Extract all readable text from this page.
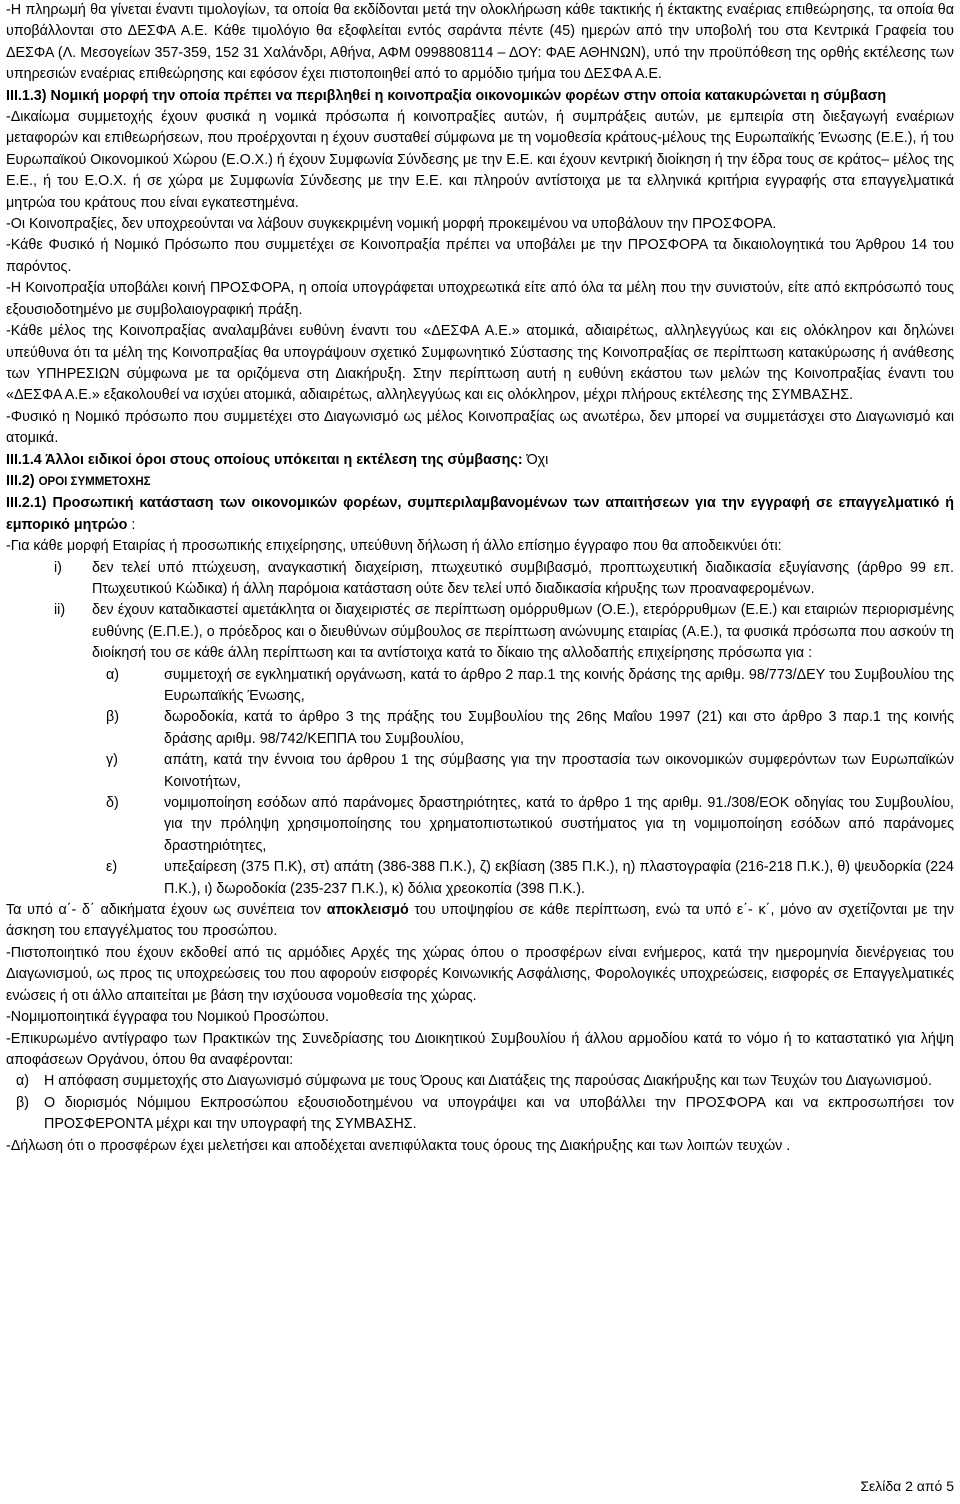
-Η πληρωμή θα γίνεται έναντι τιμολογίων, τα οποία θα εκδίδονται μετά την ολοκλήρωση κάθε τακτικής ή έκτακτης εναέριας επιθεώρησης, τα οποία θα υποβάλλονται στο ΔΕΣΦΑ Α.Ε. Κάθε τιμολόγιο θα εξοφλείται εντός σαράντα πέντε (45) ημερών από την υποβολή του στα Κεντρικά Γραφεία του ΔΕΣΦΑ (Λ. Μεσογείων 357-359, 152 31 Χαλάνδρι, Αθήνα, ΑΦΜ 0998808114 – ΔΟΥ: ΦΑΕ ΑΘΗΝΩΝ), υπό την προϋπόθεση της ορθής εκτέλεσης των υπηρεσιών εναέριας επιθεώρησης και εφόσον έχει πιστοποιηθεί από το αρμόδιο τμήμα του ΔΕΣΦΑ Α.Ε.

ΙΙΙ.1.3) Νομική μορφή την οποία πρέπει να περιβληθεί η κοινοπραξία οικονομικών φορέων στην οποία κατακυρώνεται η σύμβαση

-Δικαίωμα συμμετοχής έχουν φυσικά η νομικά πρόσωπα ή κοινοπραξίες αυτών, ή συμπράξεις αυτών, με εμπειρία στη διεξαγωγή εναέριων μεταφορών και επιθεωρήσεων, που προέρχονται η έχουν συσταθεί σύμφωνα με τη νομοθεσία κράτους-μέλους της Ευρωπαϊκής Ένωσης (Ε.Ε.), ή του Ευρωπαϊκού Οικονομικού Χώρου (Ε.Ο.Χ.) ή έχουν Συμφωνία Σύνδεσης με την Ε.Ε. και έχουν κεντρική διοίκηση ή την έδρα τους σε κράτος– μέλος της Ε.Ε., ή του Ε.Ο.Χ. ή σε χώρα με Συμφωνία Σύνδεσης με την Ε.Ε. και πληρούν αντίστοιχα με τα ελληνικά κριτήρια εγγραφής στα επαγγελματικά μητρώα του κράτους που είναι εγκατεστημένα.

-Οι Κοινοπραξίες, δεν υποχρεούνται να λάβουν συγκεκριμένη νομική μορφή προκειμένου να υποβάλουν την ΠΡΟΣΦΟΡΑ.

-Κάθε Φυσικό ή Νομικό Πρόσωπο που συμμετέχει σε Κοινοπραξία πρέπει να υποβάλει με την ΠΡΟΣΦΟΡΑ τα δικαιολογητικά του Άρθρου 14 του παρόντος.

-Η Κοινοπραξία υποβάλει κοινή ΠΡΟΣΦΟΡΑ, η οποία υπογράφεται υποχρεωτικά είτε από όλα τα μέλη που την συνιστούν, είτε από εκπρόσωπό τους εξουσιοδοτημένο με συμβολαιογραφική πράξη.

-Κάθε μέλος της Κοινοπραξίας αναλαμβάνει ευθύνη έναντι του «ΔΕΣΦΑ Α.Ε.» ατομικά, αδιαιρέτως, αλληλεγγύως και εις ολόκληρον και δηλώνει υπεύθυνα ότι τα μέλη της Κοινοπραξίας θα υπογράψουν σχετικό Συμφωνητικό Σύστασης της Κοινοπραξίας σε περίπτωση κατακύρωσης ή ανάθεσης των ΥΠΗΡΕΣΙΩΝ σύμφωνα με τα οριζόμενα στη Διακήρυξη. Στην περίπτωση αυτή η ευθύνη εκάστου των μελών της Κοινοπραξίας έναντι του «ΔΕΣΦΑ Α.Ε.» εξακολουθεί να ισχύει ατομικά, αδιαιρέτως, αλληλεγγύως και εις ολόκληρον, μέχρι πλήρους εκτέλεσης της ΣΥΜΒΑΣΗΣ.

-Φυσικό η Νομικό πρόσωπο που συμμετέχει στο Διαγωνισμό ως μέλος Κοινοπραξίας ως ανωτέρω, δεν μπορεί να συμμετάσχει στο Διαγωνισμό και ατομικά.

ΙΙΙ.1.4 Άλλοι ειδικοί όροι στους οποίους υπόκειται η εκτέλεση της σύμβασης: Όχι

ΙΙΙ.2) ΟΡΟΙ ΣΥΜΜΕΤΟΧΗΣ

ΙΙΙ.2.1) Προσωπική κατάσταση των οικονομικών φορέων, συμπεριλαμβανομένων των απαιτήσεων για την εγγραφή σε επαγγελματικό ή εμπορικό μητρώο :

-Για κάθε μορφή Εταιρίας ή προσωπικής επιχείρησης, υπεύθυνη δήλωση ή άλλο επίσημο έγγραφο που θα αποδεικνύει ότι:

i)	δεν τελεί υπό πτώχευση, αναγκαστική διαχείριση, πτωχευτικό συμβιβασμό, προπτωχευτική διαδικασία εξυγίανσης (άρθρο 99 επ. Πτωχευτικού Κώδικα) ή άλλη παρόμοια κατάσταση ούτε δεν τελεί υπό διαδικασία κήρυξης των προαναφερομένων.
ii)	δεν έχουν καταδικαστεί αμετάκλητα οι διαχειριστές σε περίπτωση ομόρρυθμων (Ο.Ε.), ετερόρρυθμων (Ε.Ε.) και εταιριών περιορισμένης ευθύνης (Ε.Π.Ε.), ο πρόεδρος και ο διευθύνων σύμβουλος σε περίπτωση ανώνυμης εταιρίας (Α.Ε.), τα φυσικά πρόσωπα που ασκούν τη διοίκησή του σε κάθε άλλη περίπτωση και τα αντίστοιχα κατά το δίκαιο της αλλοδαπής επιχείρησης πρόσωπα για :
α)	συμμετοχή σε εγκληματική οργάνωση, κατά το άρθρο 2 παρ.1 της κοινής δράσης της αριθμ. 98/773/ΔΕΥ του Συμβουλίου της Ευρωπαϊκής Ένωσης,
β)	δωροδοκία, κατά το άρθρο 3 της πράξης του Συμβουλίου της 26ης Μαΐου 1997 (21) και στο άρθρο 3 παρ.1 της κοινής δράσης αριθμ. 98/742/ΚΕΠΠΑ του Συμβουλίου,
γ)	απάτη, κατά την έννοια του άρθρου 1 της σύμβασης για την προστασία των οικονομικών συμφερόντων των Ευρωπαϊκών Κοινοτήτων,
δ)	νομιμοποίηση εσόδων από παράνομες δραστηριότητες, κατά το άρθρο 1 της αριθμ. 91./308/ΕΟΚ οδηγίας του Συμβουλίου, για την πρόληψη χρησιμοποίησης του χρηματοπιστωτικού συστήματος για τη νομιμοποίηση εσόδων από παράνομες δραστηριότητες,
ε)	υπεξαίρεση (375 Π.Κ), στ) απάτη (386-388 Π.Κ.), ζ) εκβίαση (385 Π.Κ.), η) πλαστογραφία (216-218 Π.Κ.), θ) ψευδορκία (224 Π.Κ.), ι) δωροδοκία (235-237 Π.Κ.), κ) δόλια χρεοκοπία (398 Π.Κ.).

Τα υπό α΄- δ΄ αδικήματα έχουν ως συνέπεια τον αποκλεισμό του υποψηφίου σε κάθε περίπτωση, ενώ τα υπό ε΄- κ΄, μόνο αν σχετίζονται με την άσκηση του επαγγέλματος του προσώπου.

-Πιστοποιητικό που έχουν εκδοθεί από τις αρμόδιες Αρχές της χώρας όπου ο προσφέρων είναι ενήμερος, κατά την ημερομηνία διενέργειας του Διαγωνισμού, ως προς τις υποχρεώσεις του που αφορούν εισφορές Κοινωνικής Ασφάλισης, Φορολογικές υποχρεώσεις, εισφορές σε Επαγγελματικές ενώσεις ή οτι άλλο απαιτείται με βάση την ισχύουσα νομοθεσία της χώρας.

-Νομιμοποιητικά έγγραφα του Νομικού Προσώπου.

-Επικυρωμένο αντίγραφο των Πρακτικών της Συνεδρίασης του Διοικητικού Συμβουλίου ή άλλου αρμοδίου κατά το νόμο ή το καταστατικό για λήψη αποφάσεων Οργάνου, όπου θα αναφέρονται:

α)	Η απόφαση συμμετοχής στο Διαγωνισμό σύμφωνα με τους Όρους και Διατάξεις της παρούσας Διακήρυξης και των Τευχών του Διαγωνισμού.
β)	Ο διορισμός Νόμιμου Εκπροσώπου εξουσιοδοτημένου να υπογράψει και να υποβάλλει την ΠΡΟΣΦΟΡΑ και να εκπροσωπήσει τον ΠΡΟΣΦΕΡΟΝΤΑ μέχρι και την υπογραφή της ΣΥΜΒΑΣΗΣ.

-Δήλωση ότι ο προσφέρων έχει μελετήσει και αποδέχεται ανεπιφύλακτα τους όρους της Διακήρυξης και των λοιπών τευχών .

Σελίδα 2 από 5
